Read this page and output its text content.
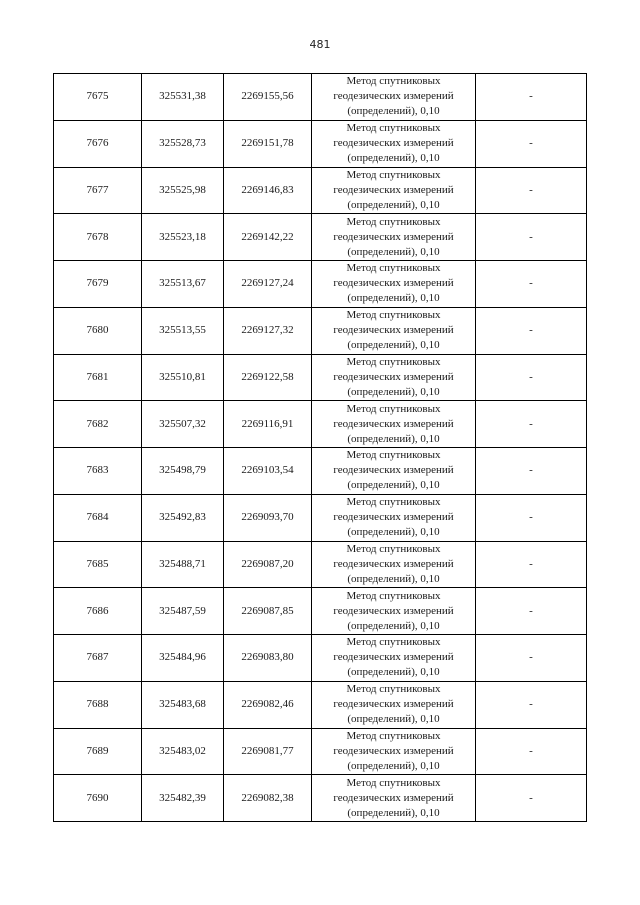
481
7675	325531,38	2269155,56	Метод спутниковых
геодезических измерений
(определений), 0,10	-
7676	325528,73	2269151,78	Метод спутниковых
геодезических измерений
(определений), 0,10	-
7677	325525,98	2269146,83	Метод спутниковых
геодезических измерений
(определений), 0,10	-
7678	325523,18	2269142,22	Метод спутниковых
геодезических измерений
(определений), 0,10	-
7679	325513,67	2269127,24	Метод спутниковых
геодезических измерений
(определений), 0,10	-
7680	325513,55	2269127,32	Метод спутниковых
геодезических измерений
(определений), 0,10	-
7681	325510,81	2269122,58	Метод спутниковых
геодезических измерений
(определений), 0,10	-
7682	325507,32	2269116,91	Метод спутниковых
геодезических измерений
(определений), 0,10	-
7683	325498,79	2269103,54	Метод спутниковых
геодезических измерений
(определений), 0,10	-
7684	325492,83	2269093,70	Метод спутниковых
геодезических измерений
(определений), 0,10	-
7685	325488,71	2269087,20	Метод спутниковых
геодезических измерений
(определений), 0,10	-
7686	325487,59	2269087,85	Метод спутниковых
геодезических измерений
(определений), 0,10	-
7687	325484,96	2269083,80	Метод спутниковых
геодезических измерений
(определений), 0,10	-
7688	325483,68	2269082,46	Метод спутниковых
геодезических измерений
(определений), 0,10	-
7689	325483,02	2269081,77	Метод спутниковых
геодезических измерений
(определений), 0,10	-
7690	325482,39	2269082,38	Метод спутниковых
геодезических измерений
(определений), 0,10	-
